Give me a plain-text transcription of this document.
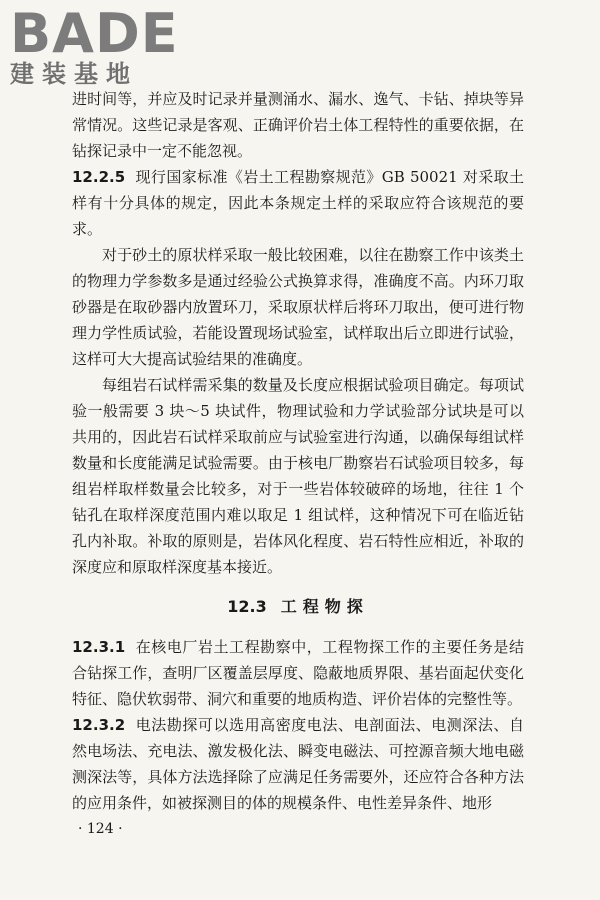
BADE
建装基地

进时间等，并应及时记录并量测涌水、漏水、逸气、卡钻、掉块等异常情况。这些记录是客观、正确评价岩土体工程特性的重要依据，在钻探记录中一定不能忽视。

12.2.5 现行国家标准《岩土工程勘察规范》GB 50021 对采取土样有十分具体的规定，因此本条规定土样的采取应符合该规范的要求。

对于砂土的原状样采取一般比较困难，以往在勘察工作中该类土的物理力学参数多是通过经验公式换算求得，准确度不高。内环刀取砂器是在取砂器内放置环刀，采取原状样后将环刀取出，便可进行物理力学性质试验，若能设置现场试验室，试样取出后立即进行试验，这样可大大提高试验结果的准确度。

每组岩石试样需采集的数量及长度应根据试验项目确定。每项试验一般需要 3 块～5 块试件，物理试验和力学试验部分试块是可以共用的，因此岩石试样采取前应与试验室进行沟通，以确保每组试样数量和长度能满足试验需要。由于核电厂勘察岩石试验项目较多，每组岩样取样数量会比较多，对于一些岩体较破碎的场地，往往 1 个钻孔在取样深度范围内难以取足 1 组试样，这种情况下可在临近钻孔内补取。补取的原则是，岩体风化程度、岩石特性应相近，补取的深度应和原取样深度基本接近。

12.3 工程物探

12.3.1 在核电厂岩土工程勘察中，工程物探工作的主要任务是结合钻探工作，查明厂区覆盖层厚度、隐蔽地质界限、基岩面起伏变化特征、隐伏软弱带、洞穴和重要的地质构造、评价岩体的完整性等。

12.3.2 电法勘探可以选用高密度电法、电剖面法、电测深法、自然电场法、充电法、激发极化法、瞬变电磁法、可控源音频大地电磁测深法等，具体方法选择除了应满足任务需要外，还应符合各种方法的应用条件，如被探测目的体的规模条件、电性差异条件、地形

· 124 ·
